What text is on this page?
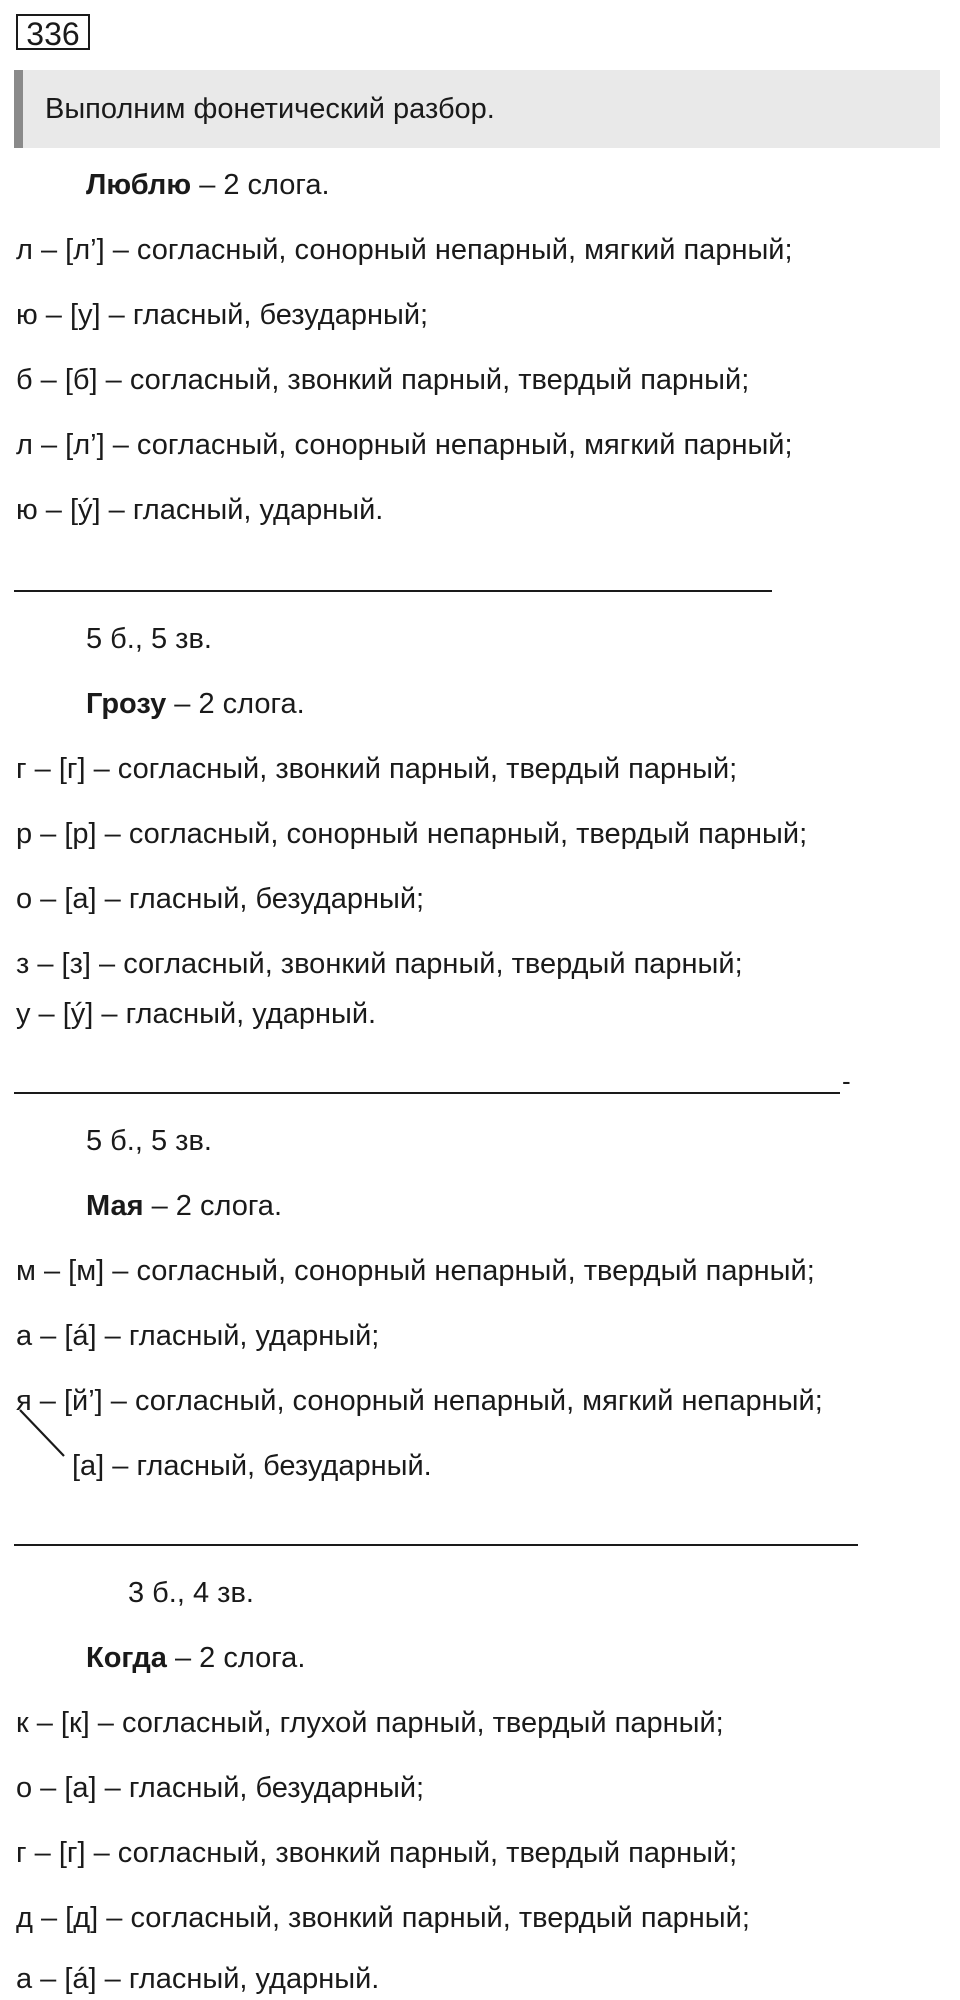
336
Выполним фонетический разбор.
Люблю – 2 слога.
л – [л’] – согласный, сонорный непарный, мягкий парный;
ю – [у] – гласный, безударный;
б – [б] – согласный, звонкий парный, твердый парный;
л – [л’] – согласный, сонорный непарный, мягкий парный;
ю – [ý] – гласный, ударный.
5 б., 5 зв.
Грозу – 2 слога.
г – [г] – согласный, звонкий парный, твердый парный;
р – [р] – согласный, сонорный непарный, твердый парный;
о – [а] – гласный, безударный;
з – [з] – согласный, звонкий парный, твердый парный;
у – [ý] – гласный, ударный.
-
5 б., 5 зв.
Мая – 2 слога.
м – [м] – согласный, сонорный непарный, твердый парный;
а – [á] – гласный, ударный;
я – [й’] – согласный, сонорный непарный, мягкий непарный;
[а] – гласный, безударный.
3 б., 4 зв.
Когда – 2 слога.
к – [к] – согласный, глухой парный, твердый парный;
о – [а] – гласный, безударный;
г – [г] – согласный, звонкий парный, твердый парный;
д – [д] – согласный, звонкий парный, твердый парный;
а – [á] – гласный, ударный.
